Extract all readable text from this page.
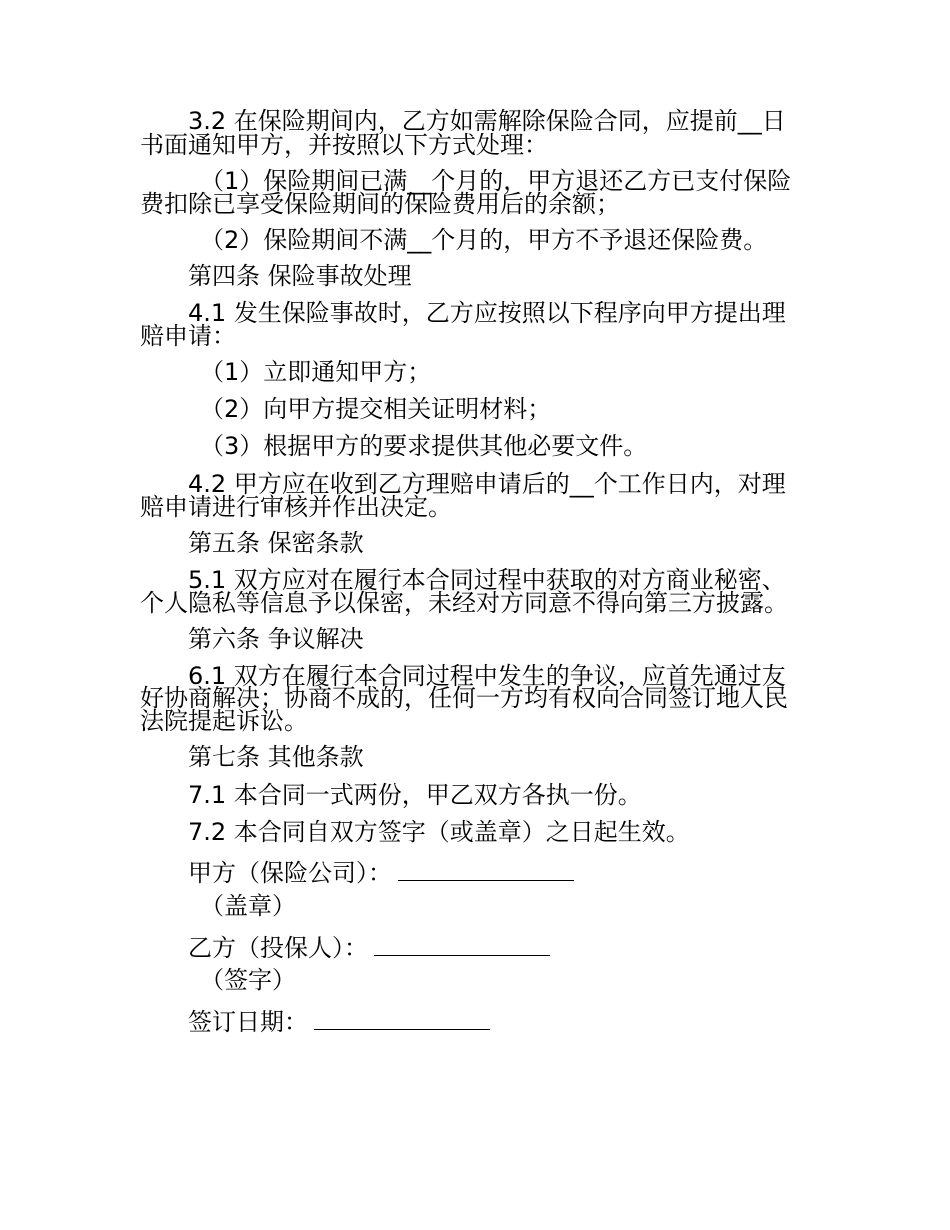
3.2 在保险期间内，乙方如需解除保险合同，应提前__日
书面通知甲方，并按照以下方式处理：
（1）保险期间已满__个月的，甲方退还乙方已支付保险
费扣除已享受保险期间的保险费用后的余额；
（2）保险期间不满__个月的，甲方不予退还保险费。
第四条 保险事故处理
4.1 发生保险事故时，乙方应按照以下程序向甲方提出理
赔申请：
（1）立即通知甲方；
（2）向甲方提交相关证明材料；
（3）根据甲方的要求提供其他必要文件。
4.2 甲方应在收到乙方理赔申请后的__个工作日内，对理
赔申请进行审核并作出决定。
第五条 保密条款
5.1 双方应对在履行本合同过程中获取的对方商业秘密、
个人隐私等信息予以保密，未经对方同意不得向第三方披露。
第六条 争议解决
6.1 双方在履行本合同过程中发生的争议，应首先通过友
好协商解决；协商不成的，任何一方均有权向合同签订地人民
法院提起诉讼。
第七条 其他条款
7.1 本合同一式两份，甲乙双方各执一份。
7.2 本合同自双方签字（或盖章）之日起生效。
甲方（保险公司）：
（盖章）
乙方（投保人）：
（签字）
签订日期：
